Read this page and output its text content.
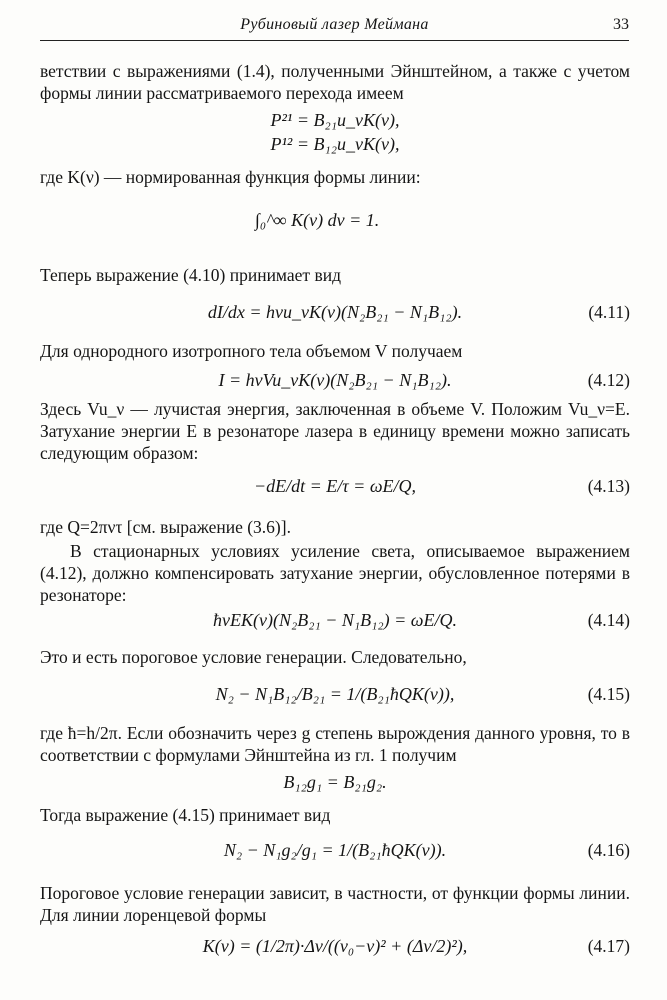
Рубиновый лазер Меймана	33
ветствии с выражениями (1.4), полученными Эйнштейном, а также с учетом формы линии рассматриваемого перехода имеем
P²¹ = B₂₁u_νK(ν),
P¹² = B₁₂u_νK(ν),
где K(ν) — нормированная функция формы линии:
∫₀^∞ K(ν) dν = 1.
Теперь выражение (4.10) принимает вид
dI/dx = hνu_νK(ν)(N₂B₂₁ − N₁B₁₂).	(4.11)
Для однородного изотропного тела объемом V получаем
I = hνVu_νK(ν)(N₂B₂₁ − N₁B₁₂).	(4.12)
Здесь Vu_ν — лучистая энергия, заключенная в объеме V. Положим Vu_ν=E. Затухание энергии E в резонаторе лазера в единицу времени можно записать следующим образом:
−dE/dt = E/τ = ωE/Q,	(4.13)
где Q=2πντ [см. выражение (3.6)].
В стационарных условиях усиление света, описываемое выражением (4.12), должно компенсировать затухание энергии, обусловленное потерями в резонаторе:
ħνEK(ν)(N₂B₂₁ − N₁B₁₂) = ωE/Q.	(4.14)
Это и есть пороговое условие генерации. Следовательно,
N₂ − N₁B₁₂/B₂₁ = 1/(B₂₁ħQK(ν)),	(4.15)
где ħ=h/2π. Если обозначить через g степень вырождения данного уровня, то в соответствии с формулами Эйнштейна из гл. 1 получим
B₁₂g₁ = B₂₁g₂.
Тогда выражение (4.15) принимает вид
N₂ − N₁g₂/g₁ = 1/(B₂₁ħQK(ν)).	(4.16)
Пороговое условие генерации зависит, в частности, от функции формы линии. Для линии лоренцевой формы
K(ν) = (1/2π)·Δν/((ν₀−ν)² + (Δν/2)²),	(4.17)
